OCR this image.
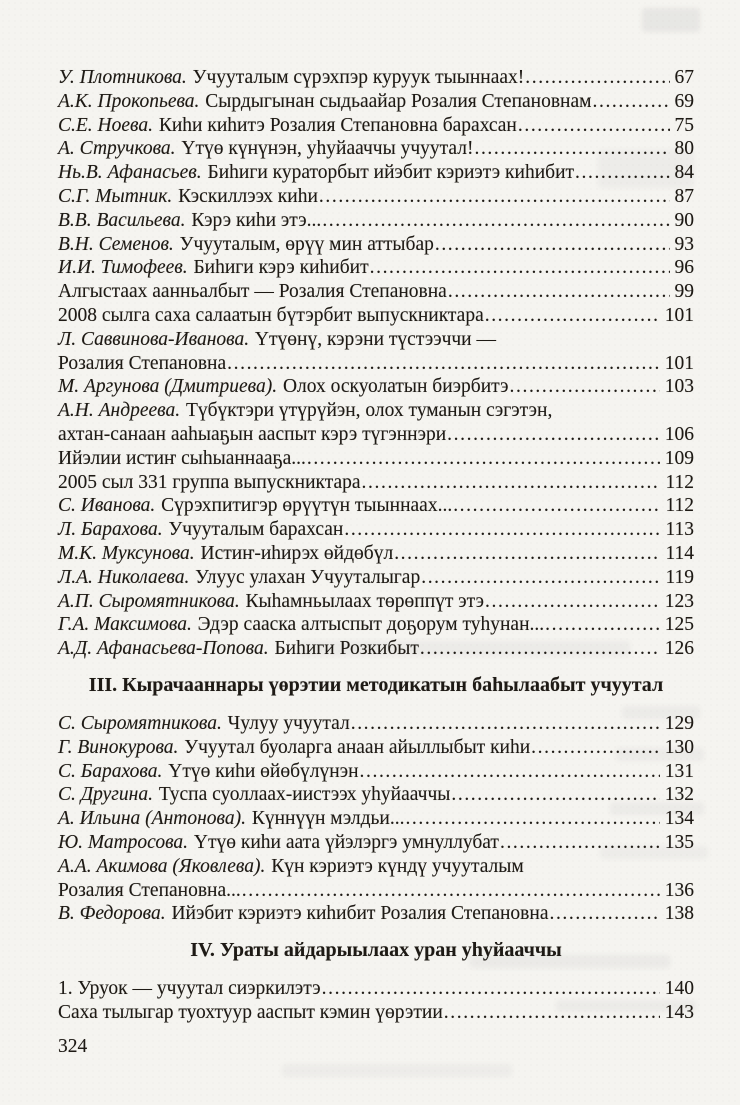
У. Плотникова. Учууталым сүрэхпэр куруук тыыннаах! .....	67
А.К. Прокопьева. Сырдыгынан сыдьаайар Розалия Степановнам .....	69
С.Е. Ноева. Киһи киһитэ Розалия Степановна барахсан .....	75
А. Стручкова. Үтүө күнүнэн, уһуйааччы учуутал! .....	80
Нь.В. Афанасьев. Биһиги кураторбыт ийэбит кэриэтэ киһибит .....	84
С.Г. Мытник. Кэскиллээх киһи .....	87
В.В. Васильева. Кэрэ киһи этэ... .....	90
В.Н. Семенов. Учууталым, өрүү мин аттыбар .....	93
И.И. Тимофеев. Биһиги кэрэ киһибит .....	96
Алгыстаах аанньалбыт — Розалия Степановна .....	99
2008 сылга саха салаатын бүтэрбит выпускниктара .....	101
Л. Саввинова-Иванова. Үтүөнү, кэрэни түстээччи —
Розалия Степановна .....	101
М. Аргунова (Дмитриева). Олох оскуолатын биэрбитэ .....	103
А.Н. Андреева. Түбүктэри үтүрүйэн, олох туманын сэгэтэн,
ахтан-санаан ааһыаҕын ааспыт кэрэ түгэннэри .....	106
Ийэлии истиҥ сыһыаннааҕа... .....	109
2005 сыл 331 группа выпускниктара .....	112
С. Иванова. Сүрэхпитигэр өрүүтүн тыыннаах... .....	112
Л. Барахова. Учууталым барахсан .....	113
М.К. Муксунова. Истиҥ-иһирэх өйдөбүл .....	114
Л.А. Николаева. Улуус улахан Учууталыгар .....	119
А.П. Сыромятникова. Кыһамньылаах төрөппүт этэ .....	123
Г.А. Максимова. Эдэр сааска алтыспыт доҕорум туһунан... .....	125
А.Д. Афанасьева-Попова. Биһиги Розкибыт .....	126
III. Кырачааннары үөрэтии методикатын баһылаабыт учуутал
С. Сыромятникова. Чулуу учуутал .....	129
Г. Винокурова. Учуутал буоларга анаан айыллыбыт киһи .....	130
С. Барахова. Үтүө киһи өйөбүлүнэн .....	131
С. Другина. Туспа суоллаах-иистээх уһуйааччы .....	132
А. Ильина (Антонова). Күннүүн мэлдьи... .....	134
Ю. Матросова. Үтүө киһи аата үйэлэргэ умнуллубат .....	135
А.А. Акимова (Яковлева). Күн кэриэтэ күндү учууталым
Розалия Степановна... .....	136
В. Федорова. Ийэбит кэриэтэ киһибит Розалия Степановна .....	138
IV. Ураты айдарыылаах уран уһуйааччы
1. Уруок — учуутал сиэркилэтэ .....	140
Саха тылыгар туохтуур ааспыт кэмин үөрэтии .....	143
324
